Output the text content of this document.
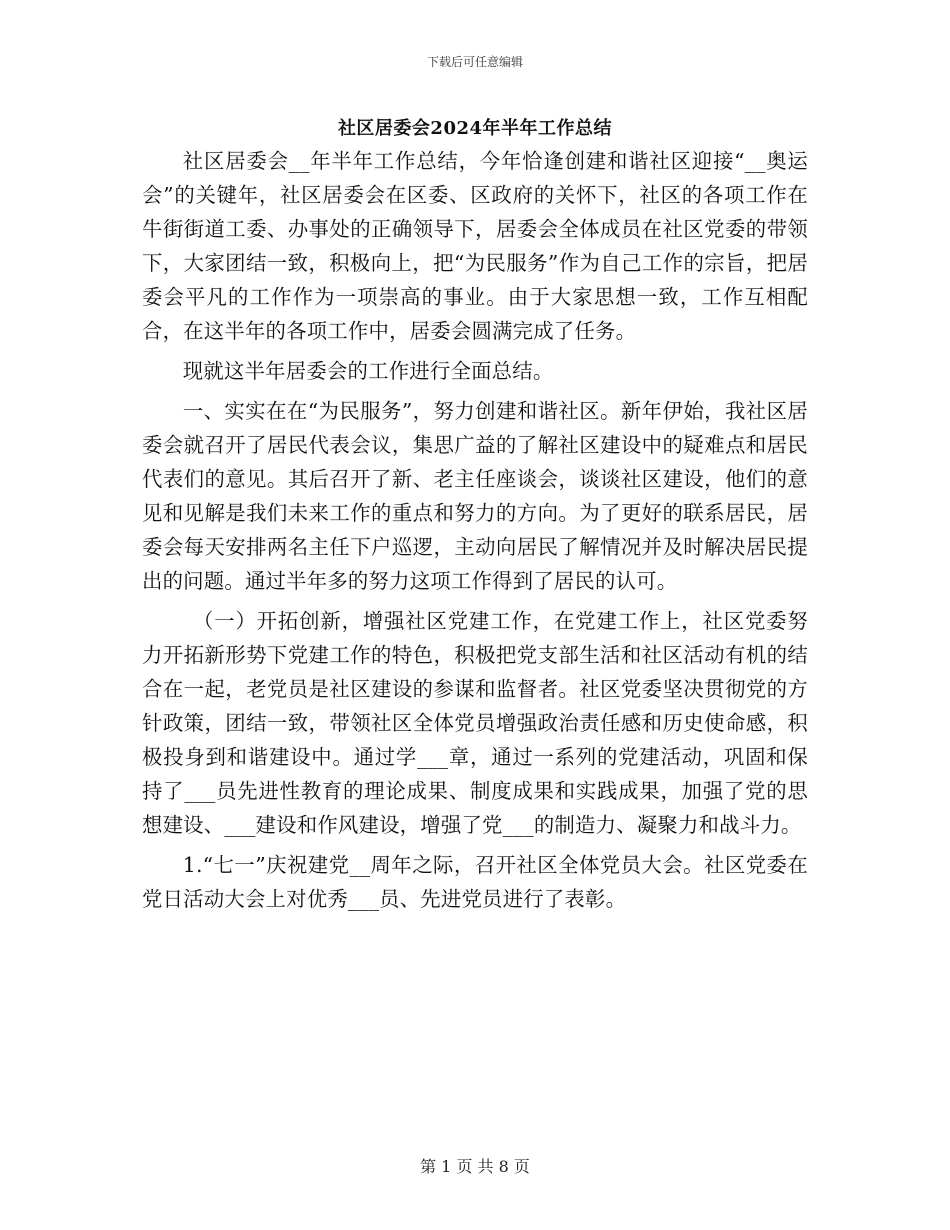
下载后可任意编辑
社区居委会2024年半年工作总结

社区居委会__年半年工作总结，今年恰逢创建和谐社区迎接“__奥运会”的关键年，社区居委会在区委、区政府的关怀下，社区的各项工作在牛街街道工委、办事处的正确领导下，居委会全体成员在社区党委的带领下，大家团结一致，积极向上，把“为民服务”作为自己工作的宗旨，把居委会平凡的工作作为一项崇高的事业。由于大家思想一致，工作互相配合，在这半年的各项工作中，居委会圆满完成了任务。

现就这半年居委会的工作进行全面总结。

一、实实在在“为民服务”，努力创建和谐社区。新年伊始，我社区居委会就召开了居民代表会议，集思广益的了解社区建设中的疑难点和居民代表们的意见。其后召开了新、老主任座谈会，谈谈社区建设，他们的意见和见解是我们未来工作的重点和努力的方向。为了更好的联系居民，居委会每天安排两名主任下户巡逻，主动向居民了解情况并及时解决居民提出的问题。通过半年多的努力这项工作得到了居民的认可。

（一）开拓创新，增强社区党建工作，在党建工作上，社区党委努力开拓新形势下党建工作的特色，积极把党支部生活和社区活动有机的结合在一起，老党员是社区建设的参谋和监督者。社区党委坚决贯彻党的方针政策，团结一致，带领社区全体党员增强政治责任感和历史使命感，积极投身到和谐建设中。通过学___章，通过一系列的党建活动，巩固和保持了___员先进性教育的理论成果、制度成果和实践成果，加强了党的思想建设、___建设和作风建设，增强了党___的制造力、凝聚力和战斗力。

1.“七一”庆祝建党__周年之际，召开社区全体党员大会。社区党委在党日活动大会上对优秀___员、先进党员进行了表彰。

第 1 页 共 8 页
